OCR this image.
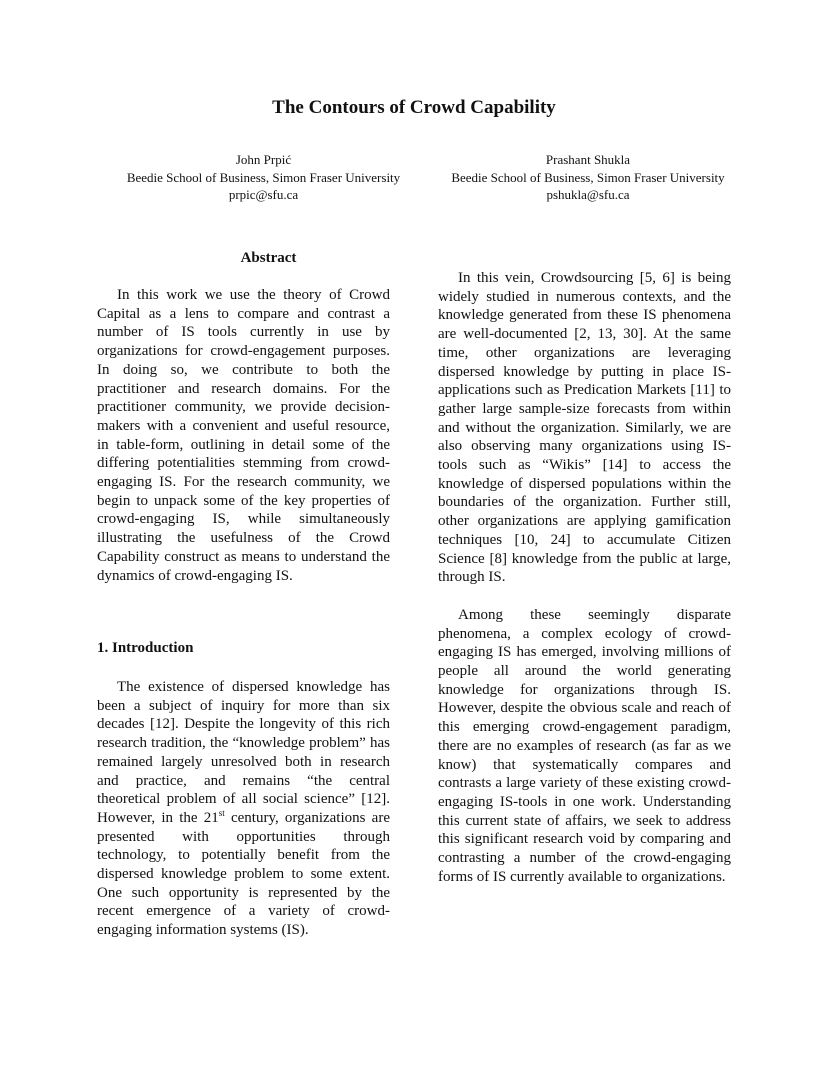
The Contours of Crowd Capability
John Prpić
Beedie School of Business, Simon Fraser University
prpic@sfu.ca
Prashant Shukla
Beedie School of Business, Simon Fraser University
pshukla@sfu.ca
Abstract

In this work we use the theory of Crowd Capital as a lens to compare and contrast a number of IS tools currently in use by organizations for crowd-engagement purposes. In doing so, we contribute to both the practitioner and research domains. For the practitioner community, we provide decision-makers with a convenient and useful resource, in table-form, outlining in detail some of the differing potentialities stemming from crowd-engaging IS. For the research community, we begin to unpack some of the key properties of crowd-engaging IS, while simultaneously illustrating the usefulness of the Crowd Capability construct as means to understand the dynamics of crowd-engaging IS.

1. Introduction

The existence of dispersed knowledge has been a subject of inquiry for more than six decades [12]. Despite the longevity of this rich research tradition, the “knowledge problem” has remained largely unresolved both in research and practice, and remains “the central theoretical problem of all social science” [12]. However, in the 21st century, organizations are presented with opportunities through technology, to potentially benefit from the dispersed knowledge problem to some extent. One such opportunity is represented by the recent emergence of a variety of crowd-engaging information systems (IS).

In this vein, Crowdsourcing [5, 6] is being widely studied in numerous contexts, and the knowledge generated from these IS phenomena are well-documented [2, 13, 30]. At the same time, other organizations are leveraging dispersed knowledge by putting in place IS-applications such as Predication Markets [11] to gather large sample-size forecasts from within and without the organization. Similarly, we are also observing many organizations using IS-tools such as “Wikis” [14] to access the knowledge of dispersed populations within the boundaries of the organization. Further still, other organizations are applying gamification techniques [10, 24] to accumulate Citizen Science [8] knowledge from the public at large, through IS.

Among these seemingly disparate phenomena, a complex ecology of crowd-engaging IS has emerged, involving millions of people all around the world generating knowledge for organizations through IS. However, despite the obvious scale and reach of this emerging crowd-engagement paradigm, there are no examples of research (as far as we know) that systematically compares and contrasts a large variety of these existing crowd-engaging IS-tools in one work. Understanding this current state of affairs, we seek to address this significant research void by comparing and contrasting a number of the crowd-engaging forms of IS currently available to organizations.
